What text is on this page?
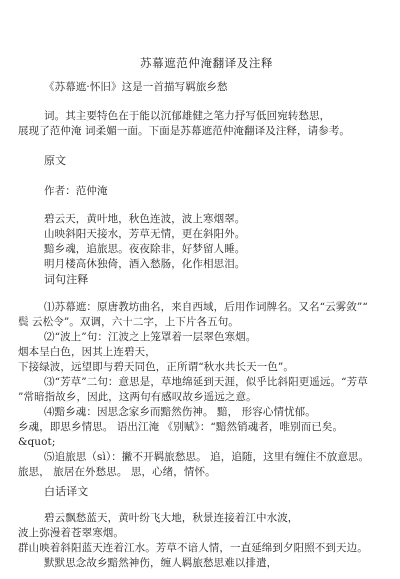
苏幕遮范仲淹翻译及注释

《苏幕遮·怀旧》这是一首描写羁旅乡愁

词。其主要特色在于能以沉郁雄健之笔力抒写低回宛转愁思，

展现了范仲淹 词柔媚一面。下面是苏幕遮范仲淹翻译及注释，请参考。

原文

作者：范仲淹

碧云天，黄叶地，秋色连波，波上寒烟翠。

山映斜阳天接水，芳草无情，更在斜阳外。

黯乡魂，追旅思。夜夜除非，好梦留人睡。

明月楼高休独倚，酒入愁肠，化作相思泪。

词句注释

⑴苏幕遮：原唐教坊曲名，来自西域，后用作词牌名。又名“云雾敛”“

鬓 云松令”。双调，六十二字，上下片各五句。

⑵“波上”句：江波之上笼罩着一层翠色寒烟。

烟本呈白色，因其上连碧天，

下接绿波，远望即与碧天同色，正所谓“秋水共长天一色”。

⑶“芳草”二句：意思是，草地绵延到天涯，似乎比斜阳更遥远。“芳草

”常暗指故乡，因此，这两句有感叹故乡遥远之意。

⑷黯乡魂：因思念家乡而黯然伤神。 黯， 形容心情忧郁。

乡魂，即思乡情思。 语出江淹 《别赋》：“黯然销魂者，唯别而已矣。

&quot;

⑸追旅思（sì）：撇不开羁旅愁思。 追，追随，这里有缠住不放意思。

旅思， 旅居在外愁思。 思，心绪，情怀。

白话译文

碧云飘愁蓝天，黄叶纷飞大地，秋景连接着江中水波，

波上弥漫着苍翠寒烟。

群山映着斜阳蓝天连着江水。芳草不谙人情，一直延绵到夕阳照不到天边。

默默思念故乡黯然神伤，缠人羁旅愁思难以排遣，
